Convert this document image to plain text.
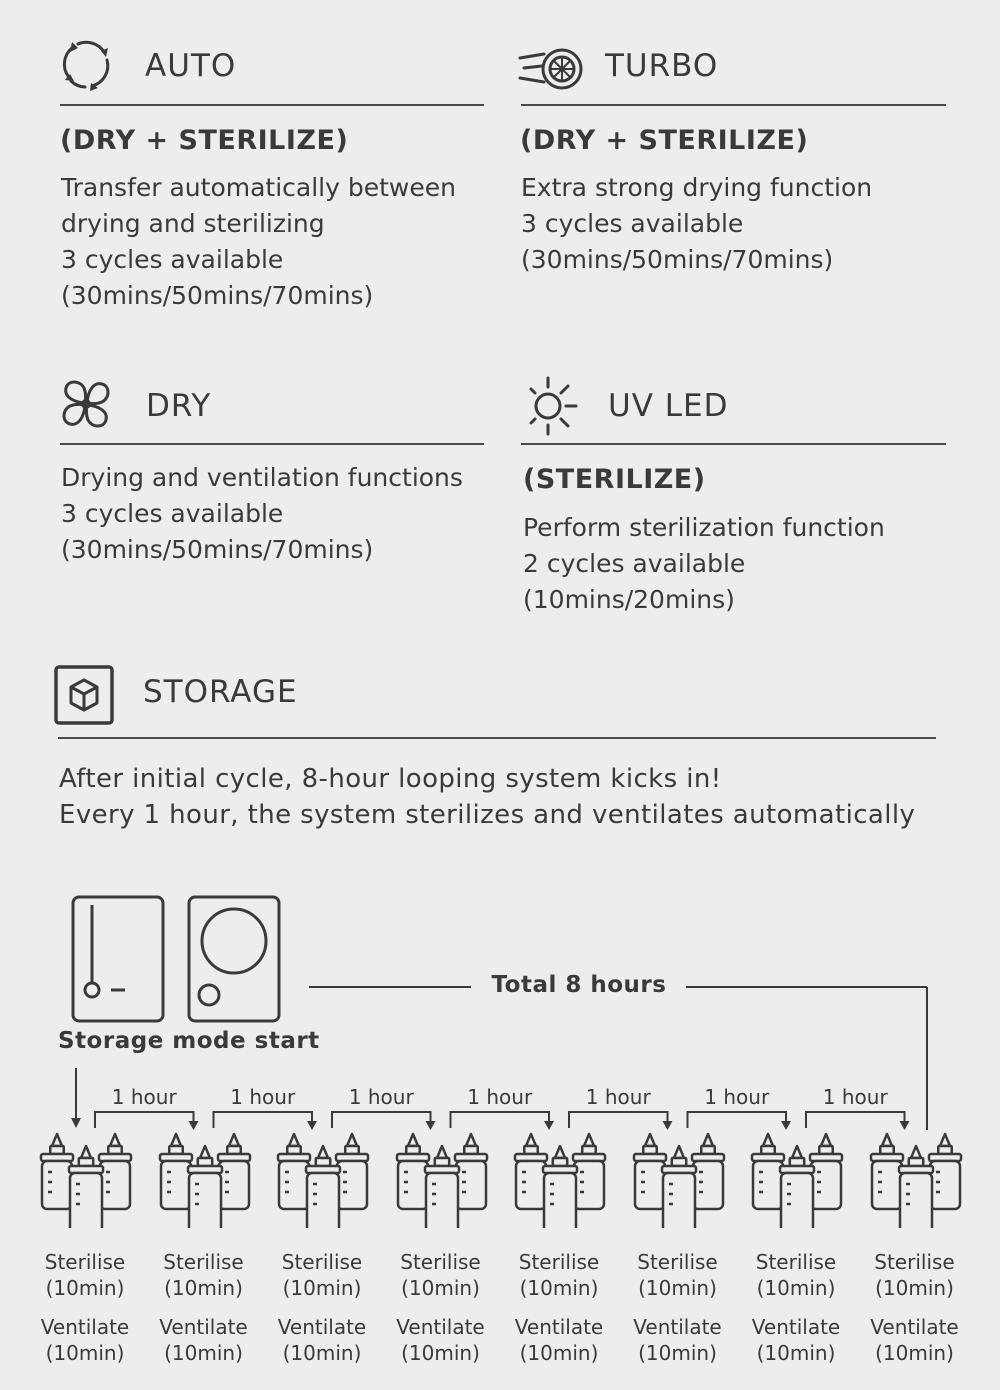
AUTO
(DRY + STERILIZE)
Transfer automatically between
drying and sterilizing
3 cycles available
(30mins/50mins/70mins)
TURBO
(DRY + STERILIZE)
Extra strong drying function
3 cycles available
(30mins/50mins/70mins)
DRY
Drying and ventilation functions
3 cycles available
(30mins/50mins/70mins)
UV LED
(STERILIZE)
Perform sterilization function
2 cycles available
(10mins/20mins)
STORAGE
After initial cycle, 8-hour looping system kicks in!
Every 1 hour, the system sterilizes and ventilates automatically
Storage mode start
Total 8 hours
1 hour	1 hour	1 hour	1 hour	1 hour	1 hour	1 hour
Sterilise
(10min)
Ventilate
(10min)
Sterilise
(10min)
Ventilate
(10min)
Sterilise
(10min)
Ventilate
(10min)
Sterilise
(10min)
Ventilate
(10min)
Sterilise
(10min)
Ventilate
(10min)
Sterilise
(10min)
Ventilate
(10min)
Sterilise
(10min)
Ventilate
(10min)
Sterilise
(10min)
Ventilate
(10min)
